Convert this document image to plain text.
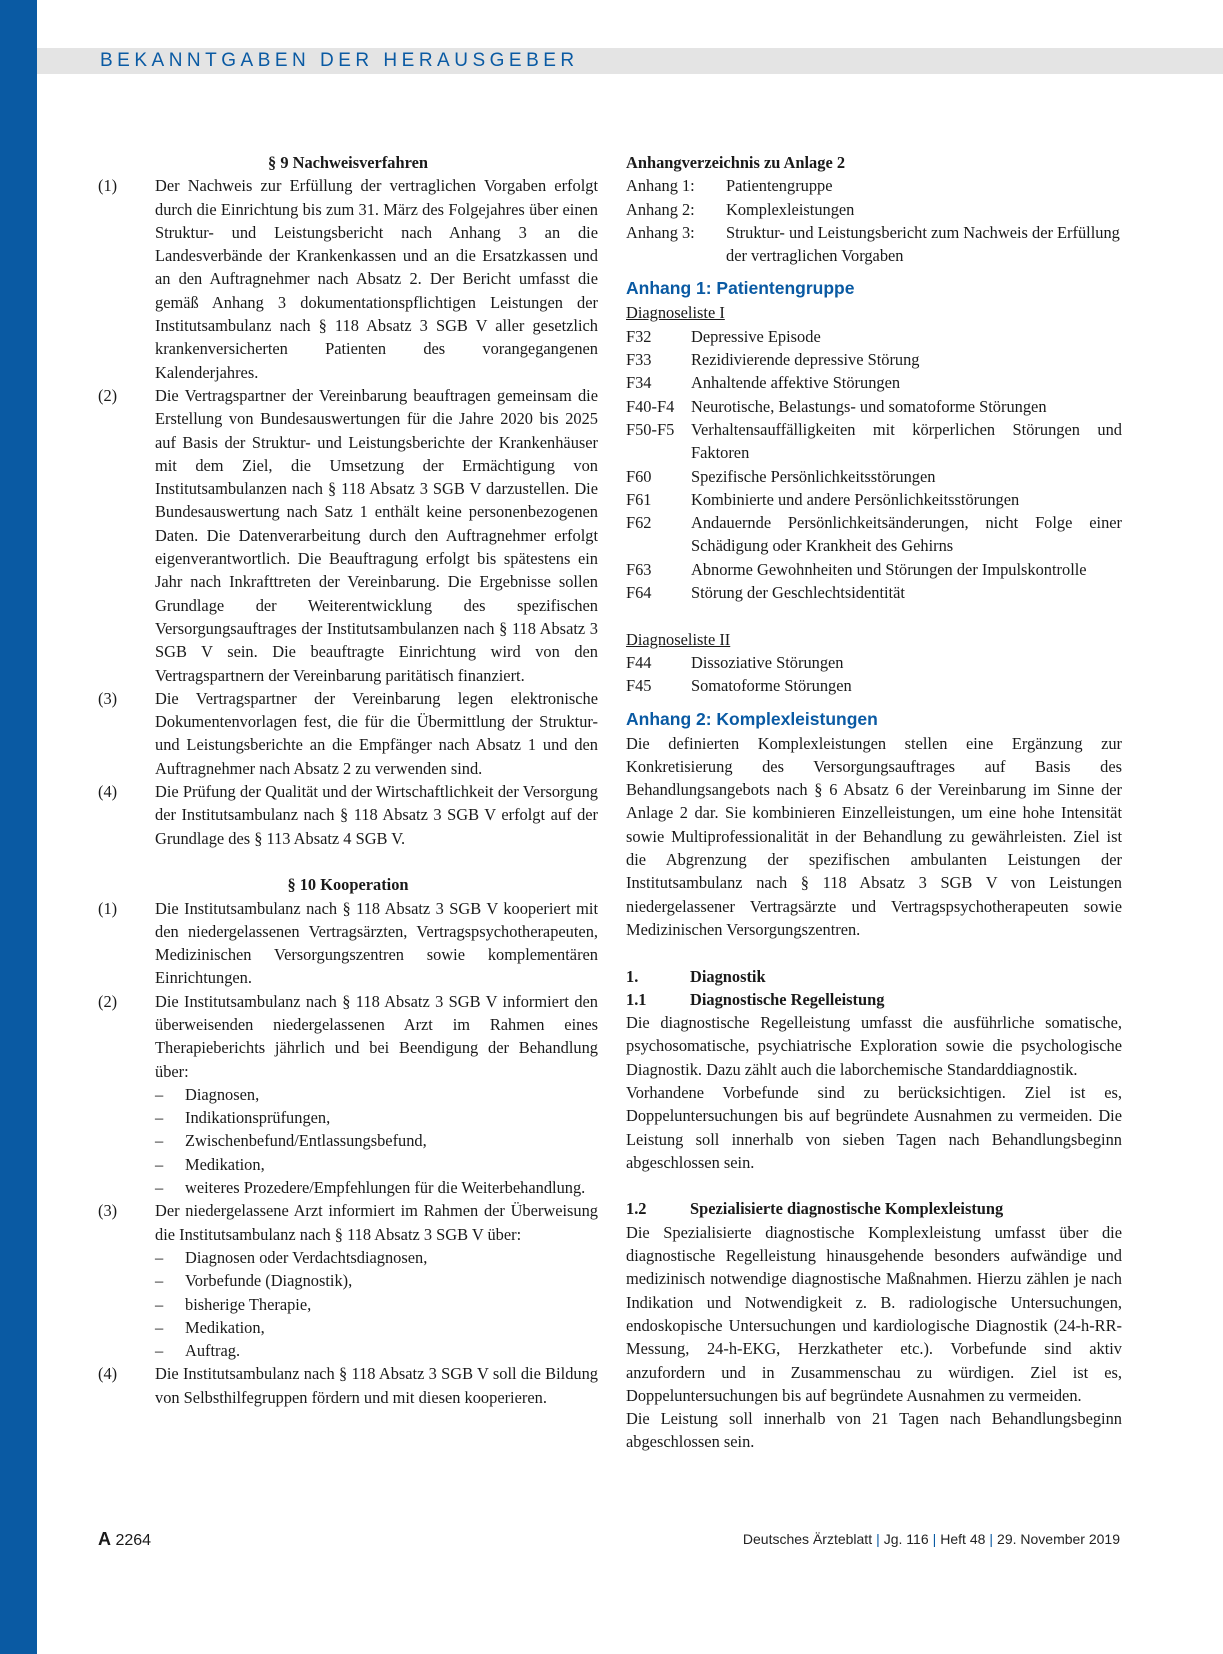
BEKANNTGABEN DER HERAUSGEBER
§ 9 Nachweisverfahren
(1)	Der Nachweis zur Erfüllung der vertraglichen Vorgaben erfolgt durch die Einrichtung bis zum 31. März des Folgejahres über einen Struktur- und Leistungsbericht nach Anhang 3 an die Landesverbände der Krankenkassen und an die Ersatzkassen und an den Auftragnehmer nach Absatz 2. Der Bericht umfasst die gemäß Anhang 3 dokumentationspflichtigen Leistungen der Institutsambulanz nach § 118 Absatz 3 SGB V aller gesetzlich krankenversicherten Patienten des vorangegangenen Kalenderjahres.
(2)	Die Vertragspartner der Vereinbarung beauftragen gemeinsam die Erstellung von Bundesauswertungen für die Jahre 2020 bis 2025 auf Basis der Struktur- und Leistungsberichte der Krankenhäuser mit dem Ziel, die Umsetzung der Ermächtigung von Institutsambulanzen nach § 118 Absatz 3 SGB V darzustellen. Die Bundesauswertung nach Satz 1 enthält keine personenbezogenen Daten. Die Datenverarbeitung durch den Auftragnehmer erfolgt eigenverantwortlich. Die Beauftragung erfolgt bis spätestens ein Jahr nach Inkrafttreten der Vereinbarung. Die Ergebnisse sollen Grundlage der Weiterentwicklung des spezifischen Versorgungsauftrages der Institutsambulanzen nach § 118 Absatz 3 SGB V sein. Die beauftragte Einrichtung wird von den Vertragspartnern der Vereinbarung paritätisch finanziert.
(3)	Die Vertragspartner der Vereinbarung legen elektronische Dokumentenvorlagen fest, die für die Übermittlung der Struktur- und Leistungsberichte an die Empfänger nach Absatz 1 und den Auftragnehmer nach Absatz 2 zu verwenden sind.
(4)	Die Prüfung der Qualität und der Wirtschaftlichkeit der Versorgung der Institutsambulanz nach § 118 Absatz 3 SGB V erfolgt auf der Grundlage des § 113 Absatz 4 SGB V.
§ 10 Kooperation
(1)	Die Institutsambulanz nach § 118 Absatz 3 SGB V kooperiert mit den niedergelassenen Vertragsärzten, Vertragspsychotherapeuten, Medizinischen Versorgungszentren sowie komplementären Einrichtungen.
(2)	Die Institutsambulanz nach § 118 Absatz 3 SGB V informiert den überweisenden niedergelassenen Arzt im Rahmen eines Therapieberichts jährlich und bei Beendigung der Behandlung über:
–	Diagnosen,
–	Indikationsprüfungen,
–	Zwischenbefund/Entlassungsbefund,
–	Medikation,
–	weiteres Prozedere/Empfehlungen für die Weiterbehandlung.
(3)	Der niedergelassene Arzt informiert im Rahmen der Überweisung die Institutsambulanz nach § 118 Absatz 3 SGB V über:
–	Diagnosen oder Verdachtsdiagnosen,
–	Vorbefunde (Diagnostik),
–	bisherige Therapie,
–	Medikation,
–	Auftrag.
(4)	Die Institutsambulanz nach § 118 Absatz 3 SGB V soll die Bildung von Selbsthilfegruppen fördern und mit diesen kooperieren.
Anhangverzeichnis zu Anlage 2
Anhang 1:	Patientengruppe
Anhang 2:	Komplexleistungen
Anhang 3:	Struktur- und Leistungsbericht zum Nachweis der Erfüllung der vertraglichen Vorgaben
Anhang 1: Patientengruppe
Diagnoseliste I
F32	Depressive Episode
F33	Rezidivierende depressive Störung
F34	Anhaltende affektive Störungen
F40-F4	Neurotische, Belastungs- und somatoforme Störungen
F50-F5	Verhaltensauffälligkeiten mit körperlichen Störungen und Faktoren
F60	Spezifische Persönlichkeitsstörungen
F61	Kombinierte und andere Persönlichkeitsstörungen
F62	Andauernde Persönlichkeitsänderungen, nicht Folge einer Schädigung oder Krankheit des Gehirns
F63	Abnorme Gewohnheiten und Störungen der Impulskontrolle
F64	Störung der Geschlechtsidentität
Diagnoseliste II
F44	Dissoziative Störungen
F45	Somatoforme Störungen
Anhang 2: Komplexleistungen
Die definierten Komplexleistungen stellen eine Ergänzung zur Konkretisierung des Versorgungsauftrages auf Basis des Behandlungsangebots nach § 6 Absatz 6 der Vereinbarung im Sinne der Anlage 2 dar. Sie kombinieren Einzelleistungen, um eine hohe Intensität sowie Multiprofessionalität in der Behandlung zu gewährleisten. Ziel ist die Abgrenzung der spezifischen ambulanten Leistungen der Institutsambulanz nach § 118 Absatz 3 SGB V von Leistungen niedergelassener Vertragsärzte und Vertragspsychotherapeuten sowie Medizinischen Versorgungszentren.
1.	Diagnostik
1.1	Diagnostische Regelleistung
Die diagnostische Regelleistung umfasst die ausführliche somatische, psychosomatische, psychiatrische Exploration sowie die psychologische Diagnostik. Dazu zählt auch die laborchemische Standarddiagnostik.
Vorhandene Vorbefunde sind zu berücksichtigen. Ziel ist es, Doppeluntersuchungen bis auf begründete Ausnahmen zu vermeiden. Die Leistung soll innerhalb von sieben Tagen nach Behandlungsbeginn abgeschlossen sein.
1.2	Spezialisierte diagnostische Komplexleistung
Die Spezialisierte diagnostische Komplexleistung umfasst über die diagnostische Regelleistung hinausgehende besonders aufwändige und medizinisch notwendige diagnostische Maßnahmen. Hierzu zählen je nach Indikation und Notwendigkeit z. B. radiologische Untersuchungen, endoskopische Untersuchungen und kardiologische Diagnostik (24-h-RR-Messung, 24-h-EKG, Herzkatheter etc.). Vorbefunde sind aktiv anzufordern und in Zusammenschau zu würdigen. Ziel ist es, Doppeluntersuchungen bis auf begründete Ausnahmen zu vermeiden.
Die Leistung soll innerhalb von 21 Tagen nach Behandlungsbeginn abgeschlossen sein.
A 2264	Deutsches Ärzteblatt | Jg. 116 | Heft 48 | 29. November 2019
